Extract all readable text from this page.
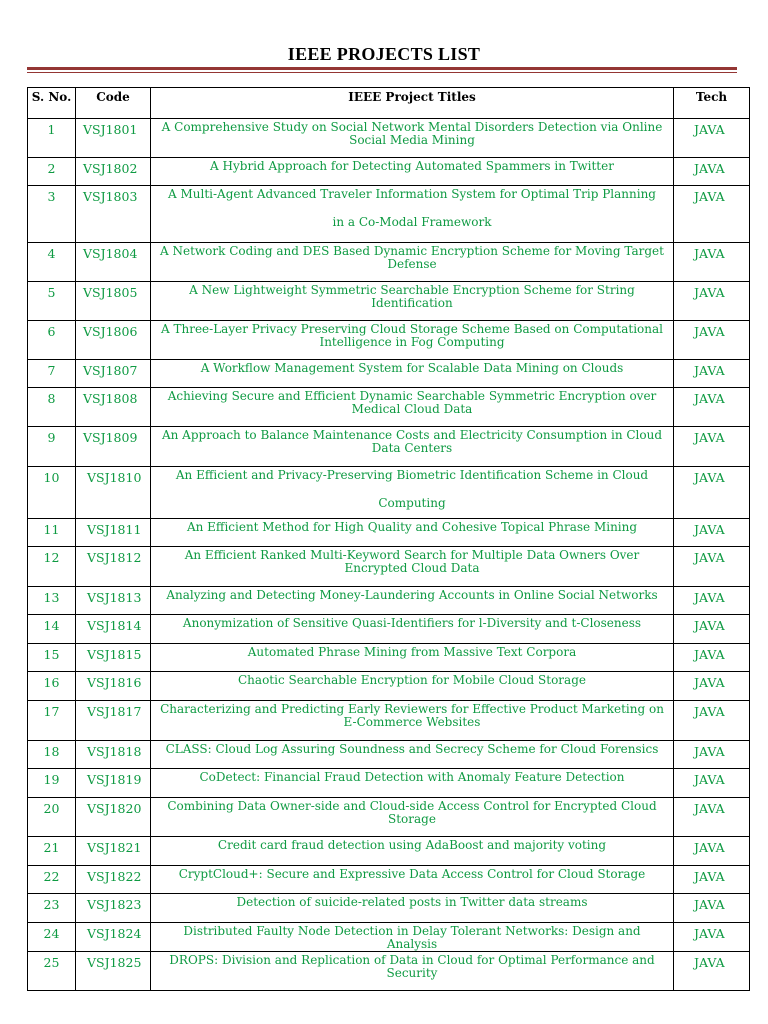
IEEE PROJECTS LIST
S. No.	Code	IEEE Project Titles	Tech
1	VSJ1801	A Comprehensive Study on Social Network Mental Disorders Detection via Online Social Media Mining	JAVA
2	VSJ1802	A Hybrid Approach for Detecting Automated Spammers in Twitter	JAVA
3	VSJ1803	A Multi-Agent Advanced Traveler Information System for Optimal Trip Planning
in a Co-Modal Framework	JAVA
4	VSJ1804	A Network Coding and DES Based Dynamic Encryption Scheme for Moving Target Defense	JAVA
5	VSJ1805	A New Lightweight Symmetric Searchable Encryption Scheme for String Identification	JAVA
6	VSJ1806	A Three-Layer Privacy Preserving Cloud Storage Scheme Based on Computational Intelligence in Fog Computing	JAVA
7	VSJ1807	A Workflow Management System for Scalable Data Mining on Clouds	JAVA
8	VSJ1808	Achieving Secure and Efficient Dynamic Searchable Symmetric Encryption over Medical Cloud Data	JAVA
9	VSJ1809	An Approach to Balance Maintenance Costs and Electricity Consumption in Cloud Data Centers	JAVA
10	VSJ1810	An Efficient and Privacy-Preserving Biometric Identification Scheme in Cloud
Computing	JAVA
11	VSJ1811	An Efficient Method for High Quality and Cohesive Topical Phrase Mining	JAVA
12	VSJ1812	An Efficient Ranked Multi-Keyword Search for Multiple Data Owners Over Encrypted Cloud Data	JAVA
13	VSJ1813	Analyzing and Detecting Money-Laundering Accounts in Online Social Networks	JAVA
14	VSJ1814	Anonymization of Sensitive Quasi-Identifiers for l-Diversity and t-Closeness	JAVA
15	VSJ1815	Automated Phrase Mining from Massive Text Corpora	JAVA
16	VSJ1816	Chaotic Searchable Encryption for Mobile Cloud Storage	JAVA
17	VSJ1817	Characterizing and Predicting Early Reviewers for Effective Product Marketing on E-Commerce Websites	JAVA
18	VSJ1818	CLASS: Cloud Log Assuring Soundness and Secrecy Scheme for Cloud Forensics	JAVA
19	VSJ1819	CoDetect: Financial Fraud Detection with Anomaly Feature Detection	JAVA
20	VSJ1820	Combining Data Owner-side and Cloud-side Access Control for Encrypted Cloud Storage	JAVA
21	VSJ1821	Credit card fraud detection using AdaBoost and majority voting	JAVA
22	VSJ1822	CryptCloud+: Secure and Expressive Data Access Control for Cloud Storage	JAVA
23	VSJ1823	Detection of suicide-related posts in Twitter data streams	JAVA
24	VSJ1824	Distributed Faulty Node Detection in Delay Tolerant Networks: Design and Analysis	JAVA
25	VSJ1825	DROPS: Division and Replication of Data in Cloud for Optimal Performance and Security	JAVA
